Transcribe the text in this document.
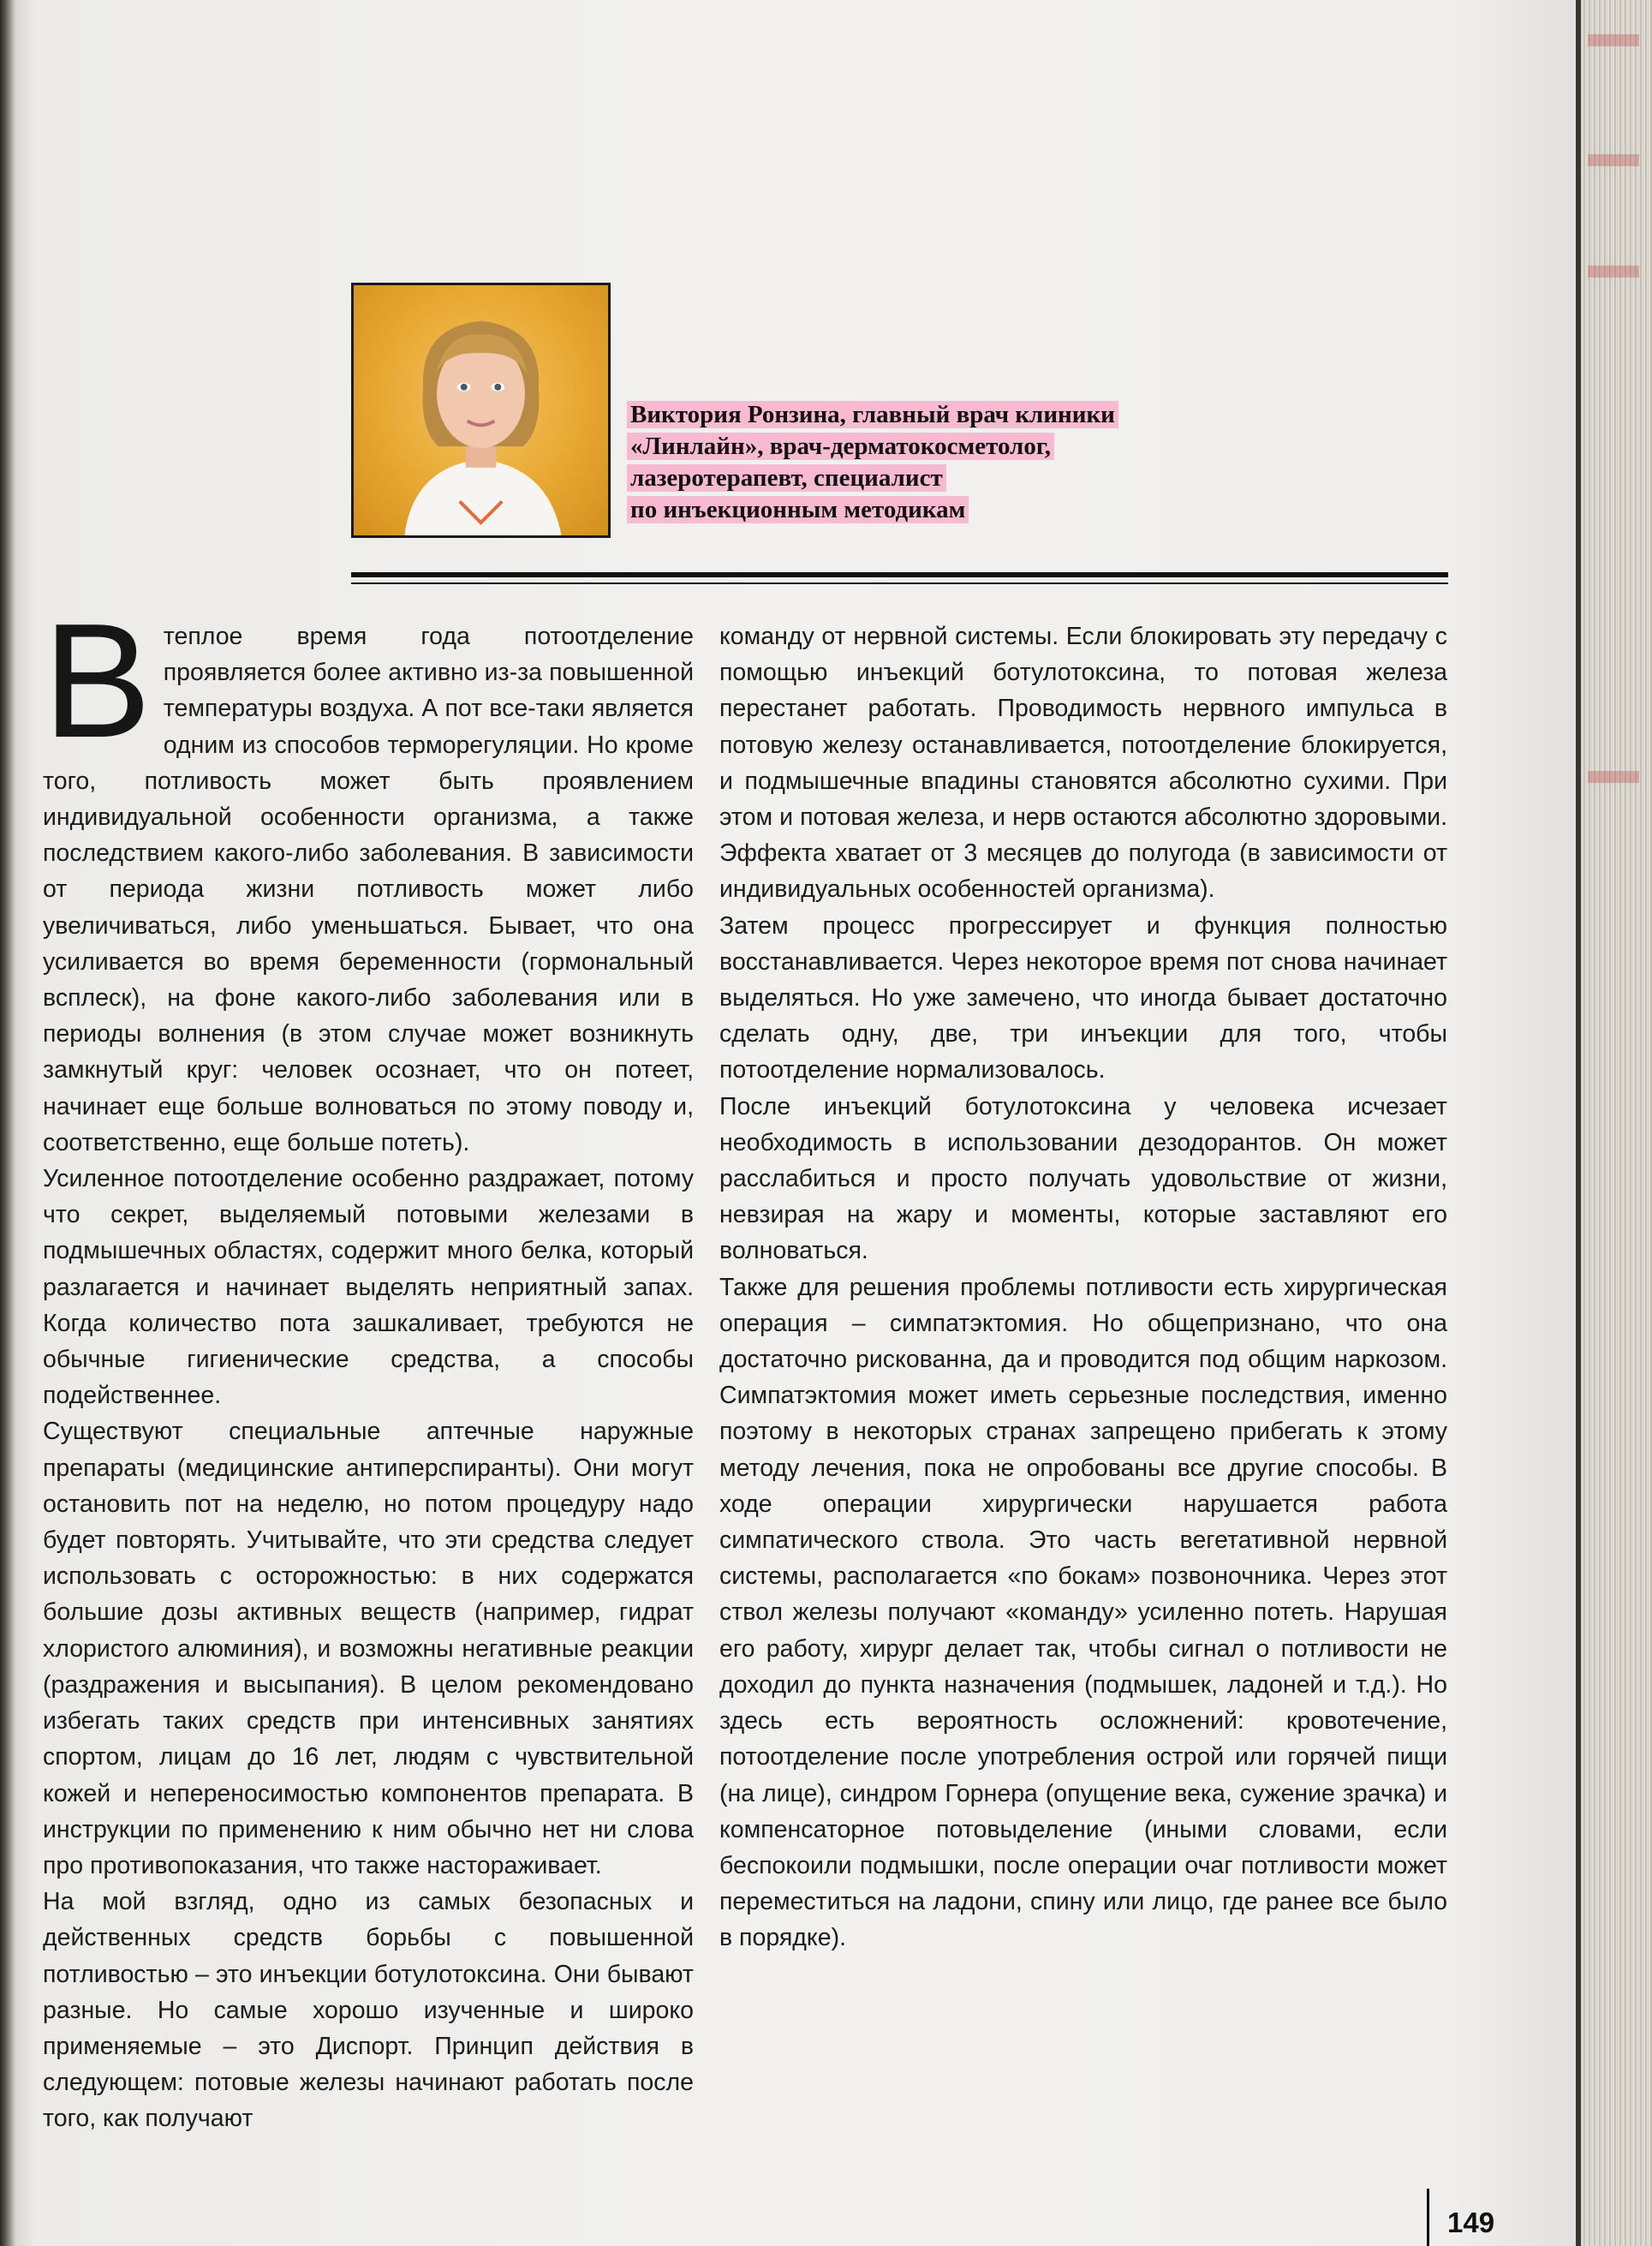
Виктория Ронзина, главный врач клиники
«Линлайн», врач-дерматокосметолог,
лазеротерапевт, специалист
по инъекционным методикам
В теплое время года потоотделение проявляется более активно из-за повышенной температуры воздуха. А пот все-таки является одним из способов терморегуляции. Но кроме того, потливость может быть проявлением индивидуальной особенности организма, а также последствием какого-либо заболевания. В зависимости от периода жизни потливость может либо увеличиваться, либо уменьшаться. Бывает, что она усиливается во время беременности (гормональный всплеск), на фоне какого-либо заболевания или в периоды волнения (в этом случае может возникнуть замкнутый круг: человек осознает, что он потеет, начинает еще больше волноваться по этому поводу и, соответственно, еще больше потеть).

Усиленное потоотделение особенно раздражает, потому что секрет, выделяемый потовыми железами в подмышечных областях, содержит много белка, который разлагается и начинает выделять неприятный запах. Когда количество пота зашкаливает, требуются не обычные гигиенические средства, а способы подейственнее.

Существуют специальные аптечные наружные препараты (медицинские антиперспиранты). Они могут остановить пот на неделю, но потом процедуру надо будет повторять. Учитывайте, что эти средства следует использовать с осторожностью: в них содержатся большие дозы активных веществ (например, гидрат хлористого алюминия), и возможны негативные реакции (раздражения и высыпания). В целом рекомендовано избегать таких средств при интенсивных занятиях спортом, лицам до 16 лет, людям с чувствительной кожей и непереносимостью компонентов препарата. В инструкции по применению к ним обычно нет ни слова про противопоказания, что также настораживает.

На мой взгляд, одно из самых безопасных и действенных средств борьбы с повышенной потливостью – это инъекции ботулотоксина. Они бывают разные. Но самые хорошо изученные и широко применяемые – это Диспорт. Принцип действия в следующем: потовые железы начинают работать после того, как получают

команду от нервной системы. Если блокировать эту передачу с помощью инъекций ботулотоксина, то потовая железа перестанет работать. Проводимость нервного импульса в потовую железу останавливается, потоотделение блокируется, и подмышечные впадины становятся абсолютно сухими. При этом и потовая железа, и нерв остаются абсолютно здоровыми. Эффекта хватает от 3 месяцев до полугода (в зависимости от индивидуальных особенностей организма).

Затем процесс прогрессирует и функция полностью восстанавливается. Через некоторое время пот снова начинает выделяться. Но уже замечено, что иногда бывает достаточно сделать одну, две, три инъекции для того, чтобы потоотделение нормализовалось.

После инъекций ботулотоксина у человека исчезает необходимость в использовании дезодорантов. Он может расслабиться и просто получать удовольствие от жизни, невзирая на жару и моменты, которые заставляют его волноваться.

Также для решения проблемы потливости есть хирургическая операция – симпатэктомия. Но общепризнано, что она достаточно рискованна, да и проводится под общим наркозом. Симпатэктомия может иметь серьезные последствия, именно поэтому в некоторых странах запрещено прибегать к этому методу лечения, пока не опробованы все другие способы. В ходе операции хирургически нарушается работа симпатического ствола. Это часть вегетативной нервной системы, располагается «по бокам» позвоночника. Через этот ствол железы получают «команду» усиленно потеть. Нарушая его работу, хирург делает так, чтобы сигнал о потливости не доходил до пункта назначения (подмышек, ладоней и т.д.). Но здесь есть вероятность осложнений: кровотечение, потоотделение после употребления острой или горячей пищи (на лице), синдром Горнера (опущение века, сужение зрачка) и компенсаторное потовыделение (иными словами, если беспокоили подмышки, после операции очаг потливости может переместиться на ладони, спину или лицо, где ранее все было в порядке).

149
